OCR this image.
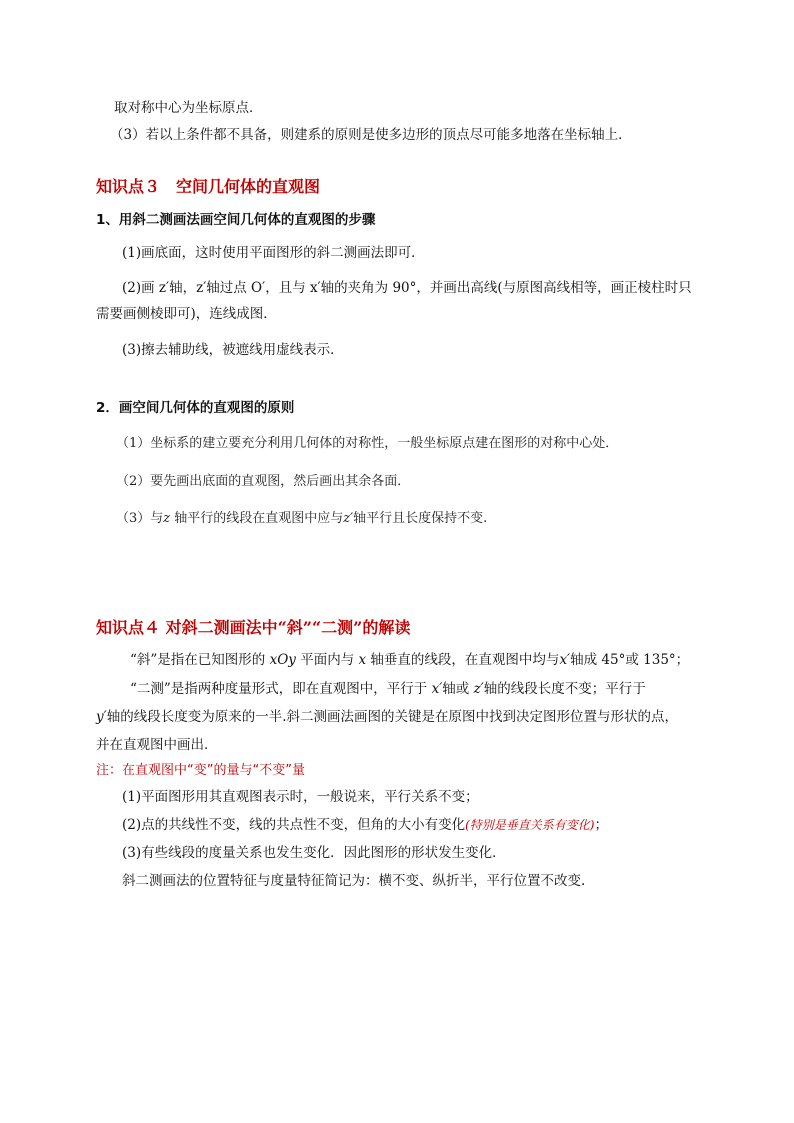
取对称中心为坐标原点．
（3）若以上条件都不具备，则建系的原则是使多边形的顶点尽可能多地落在坐标轴上．
知识点３　空间几何体的直观图
1、用斜二测画法画空间几何体的直观图的步骤
(1)画底面，这时使用平面图形的斜二测画法即可．
(2)画 z′轴，z′轴过点 O′，且与 x′轴的夹角为 90°，并画出高线(与原图高线相等，画正棱柱时只
需要画侧棱即可)，连线成图．
(3)擦去辅助线，被遮线用虚线表示．
2．画空间几何体的直观图的原则
（1）坐标系的建立要充分利用几何体的对称性，一般坐标原点建在图形的对称中心处．
（2）要先画出底面的直观图，然后画出其余各面．
（3）与z 轴平行的线段在直观图中应与z′轴平行且长度保持不变.
知识点４ 对斜二测画法中“斜”“二测”的解读
“斜”是指在已知图形的 xOy 平面内与 x 轴垂直的线段，在直观图中均与x′轴成 45°或 135°；
“二测”是指两种度量形式，即在直观图中，平行于 x′轴或 z′轴的线段长度不变；平行于
y′轴的线段长度变为原来的一半.斜二测画法画图的关键是在原图中找到决定图形位置与形状的点，
并在直观图中画出．
注：在直观图中“变”的量与“不变”量
(1)平面图形用其直观图表示时，一般说来，平行关系不变；
(2)点的共线性不变，线的共点性不变，但角的大小有变化(特别是垂直关系有变化)；
(3)有些线段的度量关系也发生变化．因此图形的形状发生变化．
斜二测画法的位置特征与度量特征简记为：横不变、纵折半，平行位置不改变.
